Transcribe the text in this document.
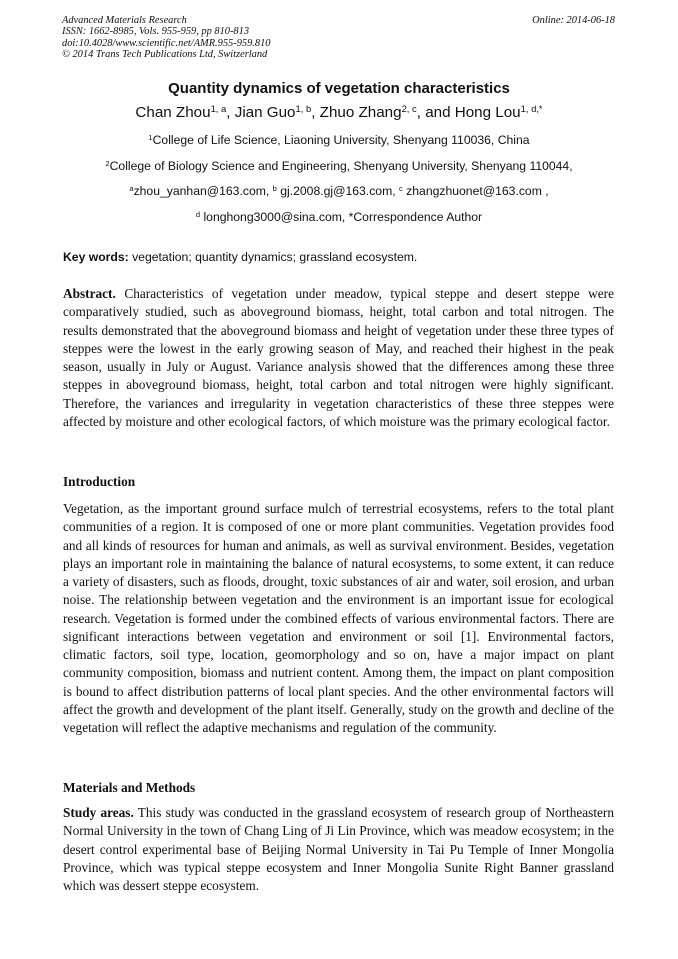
Advanced Materials Research
ISSN: 1662-8985, Vols. 955-959, pp 810-813
doi:10.4028/www.scientific.net/AMR.955-959.810
© 2014 Trans Tech Publications Ltd, Switzerland
Online: 2014-06-18
Quantity dynamics of vegetation characteristics
Chan Zhou$^{1, a}$, Jian Guo$^{1, b}$, Zhuo Zhang$^{2, c}$, and Hong Lou$^{1, d,*}$
$^1$College of Life Science, Liaoning University, Shenyang 110036, China
$^2$College of Biology Science and Engineering, Shenyang University, Shenyang 110044,
$^a$zhou_yanhan@163.com, $^b$ gj.2008.gj@163.com, $^c$ zhangzhuonet@163.com ,
$^d$ longhong3000@sina.com, *Correspondence Author
Key words: vegetation; quantity dynamics; grassland ecosystem.
Abstract. Characteristics of vegetation under meadow, typical steppe and desert steppe were comparatively studied, such as aboveground biomass, height, total carbon and total nitrogen. The results demonstrated that the aboveground biomass and height of vegetation under these three types of steppes were the lowest in the early growing season of May, and reached their highest in the peak season, usually in July or August. Variance analysis showed that the differences among these three steppes in aboveground biomass, height, total carbon and total nitrogen were highly significant. Therefore, the variances and irregularity in vegetation characteristics of these three steppes were affected by moisture and other ecological factors, of which moisture was the primary ecological factor.
Introduction
Vegetation, as the important ground surface mulch of terrestrial ecosystems, refers to the total plant communities of a region. It is composed of one or more plant communities. Vegetation provides food and all kinds of resources for human and animals, as well as survival environment. Besides, vegetation plays an important role in maintaining the balance of natural ecosystems, to some extent, it can reduce a variety of disasters, such as floods, drought, toxic substances of air and water, soil erosion, and urban noise. The relationship between vegetation and the environment is an important issue for ecological research. Vegetation is formed under the combined effects of various environmental factors. There are significant interactions between vegetation and environment or soil [1]. Environmental factors, climatic factors, soil type, location, geomorphology and so on, have a major impact on plant community composition, biomass and nutrient content. Among them, the impact on plant composition is bound to affect distribution patterns of local plant species. And the other environmental factors will affect the growth and development of the plant itself. Generally, study on the growth and decline of the vegetation will reflect the adaptive mechanisms and regulation of the community.
Materials and Methods
Study areas. This study was conducted in the grassland ecosystem of research group of Northeastern Normal University in the town of Chang Ling of Ji Lin Province, which was meadow ecosystem; in the desert control experimental base of Beijing Normal University in Tai Pu Temple of Inner Mongolia Province, which was typical steppe ecosystem and Inner Mongolia Sunite Right Banner grassland which was dessert steppe ecosystem.
